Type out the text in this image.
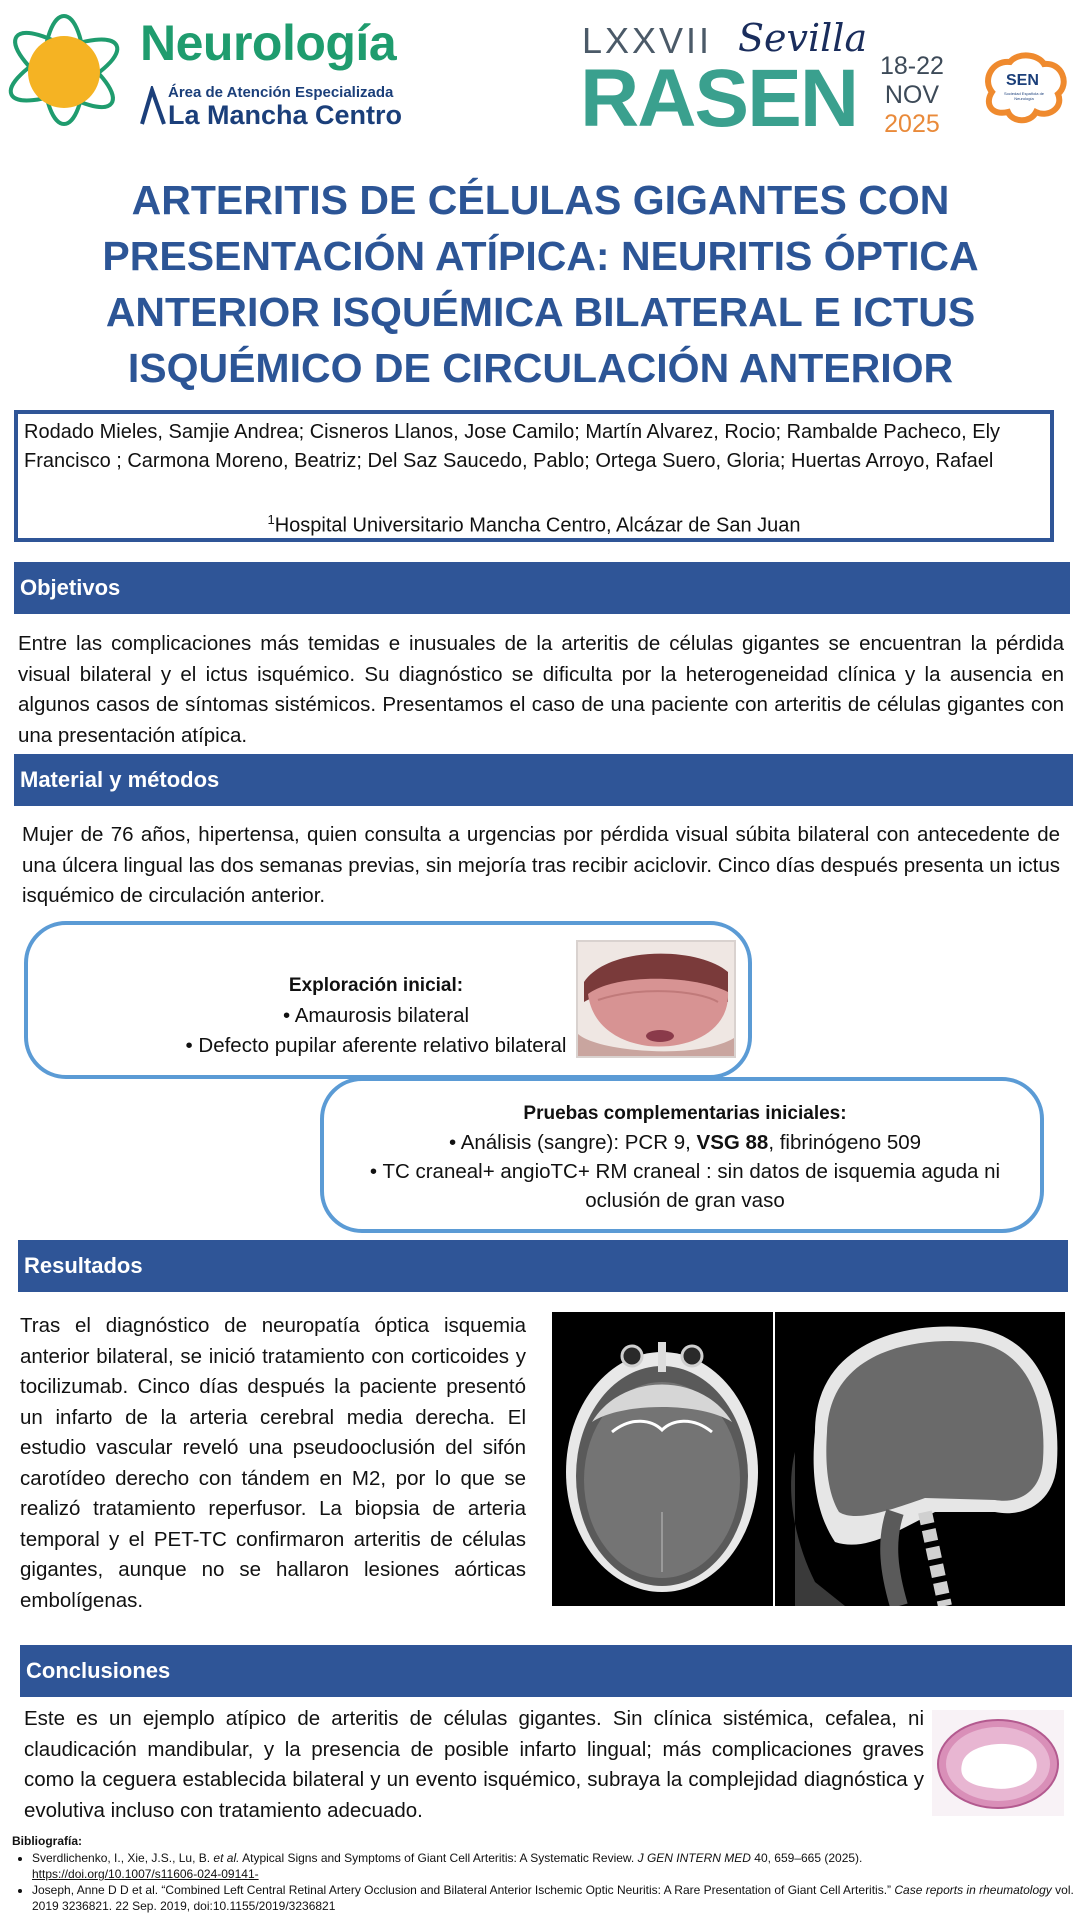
Neurología
Área de Atención Especializada
La Mancha Centro
LXXVII Sevilla
RASEN 18-22
NOV
2025
SEN
Sociedad Española de Neurología
ARTERITIS DE CÉLULAS GIGANTES CON
PRESENTACIÓN ATÍPICA: NEURITIS ÓPTICA
ANTERIOR ISQUÉMICA BILATERAL E ICTUS
ISQUÉMICO DE CIRCULACIÓN ANTERIOR
Rodado Mieles, Samjie Andrea; Cisneros Llanos, Jose Camilo; Martín Alvarez, Rocio; Rambalde Pacheco, Ely Francisco ; Carmona Moreno, Beatriz; Del Saz Saucedo, Pablo; Ortega Suero, Gloria; Huertas Arroyo, Rafael
$^1$Hospital Universitario Mancha Centro, Alcázar de San Juan
Objetivos
Entre las complicaciones más temidas e inusuales de la arteritis de células gigantes se encuentran la pérdida visual bilateral y el ictus isquémico. Su diagnóstico se dificulta por la heterogeneidad clínica y la ausencia en algunos casos de síntomas sistémicos. Presentamos el caso de una paciente con arteritis de células gigantes con una presentación atípica.
Material y métodos
Mujer de 76 años, hipertensa, quien consulta a urgencias por pérdida visual súbita bilateral con antecedente de una úlcera lingual las dos semanas previas, sin mejoría tras recibir aciclovir. Cinco días después presenta un ictus isquémico de circulación anterior.
Exploración inicial:
• Amaurosis bilateral
• Defecto pupilar aferente relativo bilateral
Pruebas complementarias iniciales:
• Análisis (sangre): PCR 9, VSG 88, fibrinógeno 509
• TC craneal+ angioTC+ RM craneal : sin datos de isquemia aguda ni oclusión de gran vaso
Resultados
Tras el diagnóstico de neuropatía óptica isquemia anterior bilateral, se inició tratamiento con corticoides y tocilizumab. Cinco días después la paciente presentó un infarto de la arteria cerebral media derecha. El estudio vascular reveló una pseudooclusión del sifón carotídeo derecho con tándem en M2, por lo que se realizó tratamiento reperfusor. La biopsia de arteria temporal y el PET-TC confirmaron arteritis de células gigantes, aunque no se hallaron lesiones aórticas embolígenas.
Conclusiones
Este es un ejemplo atípico de arteritis de células gigantes. Sin clínica sistémica, cefalea, ni claudicación mandibular, y la presencia de posible infarto lingual; más complicaciones graves como la ceguera establecida bilateral y un evento isquémico, subraya la complejidad diagnóstica y evolutiva incluso con tratamiento adecuado.
Bibliografía:
• Sverdlichenko, I., Xie, J.S., Lu, B. et al. Atypical Signs and Symptoms of Giant Cell Arteritis: A Systematic Review. J GEN INTERN MED 40, 659–665 (2025).
https://doi.org/10.1007/s11606-024-09141-
• Joseph, Anne D D et al. “Combined Left Central Retinal Artery Occlusion and Bilateral Anterior Ischemic Optic Neuritis: A Rare Presentation of Giant Cell Arteritis.” Case reports in rheumatology vol. 2019 3236821. 22 Sep. 2019, doi:10.1155/2019/3236821
